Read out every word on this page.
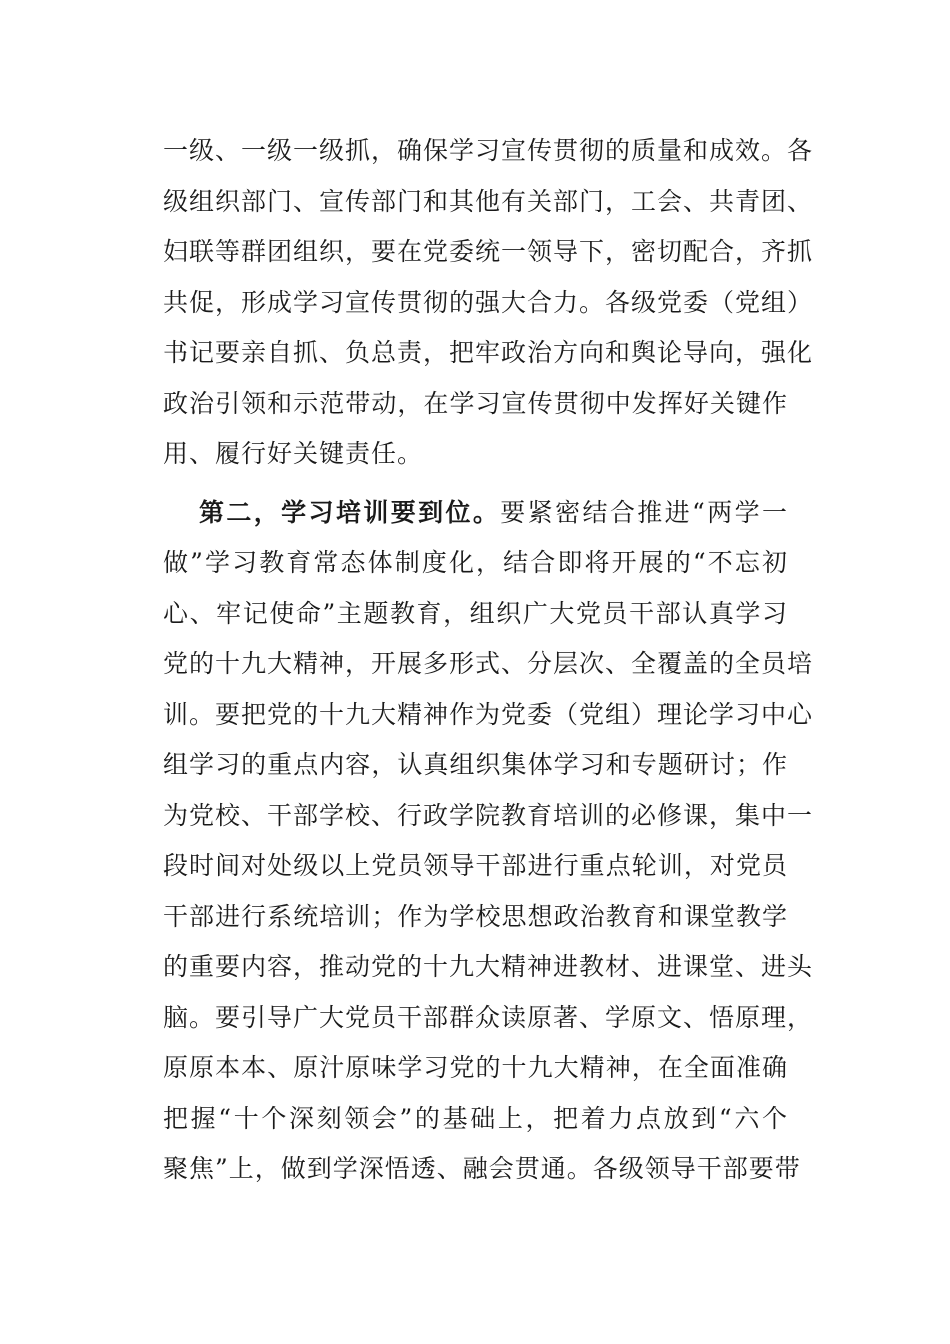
一级、一级一级抓，确保学习宣传贯彻的质量和成效。各
级组织部门、宣传部门和其他有关部门，工会、共青团、
妇联等群团组织，要在党委统一领导下，密切配合，齐抓
共促，形成学习宣传贯彻的强大合力。各级党委（党组）
书记要亲自抓、负总责，把牢政治方向和舆论导向，强化
政治引领和示范带动，在学习宣传贯彻中发挥好关键作
用、履行好关键责任。
第二，学习培训要到位。要紧密结合推进“两学一
做”学习教育常态体制度化，结合即将开展的“不忘初
心、牢记使命”主题教育，组织广大党员干部认真学习
党的十九大精神，开展多形式、分层次、全覆盖的全员培
训。要把党的十九大精神作为党委（党组）理论学习中心
组学习的重点内容，认真组织集体学习和专题研讨；作
为党校、干部学校、行政学院教育培训的必修课，集中一
段时间对处级以上党员领导干部进行重点轮训，对党员
干部进行系统培训；作为学校思想政治教育和课堂教学
的重要内容，推动党的十九大精神进教材、进课堂、进头
脑。要引导广大党员干部群众读原著、学原文、悟原理，
原原本本、原汁原味学习党的十九大精神，在全面准确
把握“十个深刻领会”的基础上，把着力点放到“六个
聚焦”上，做到学深悟透、融会贯通。各级领导干部要带
